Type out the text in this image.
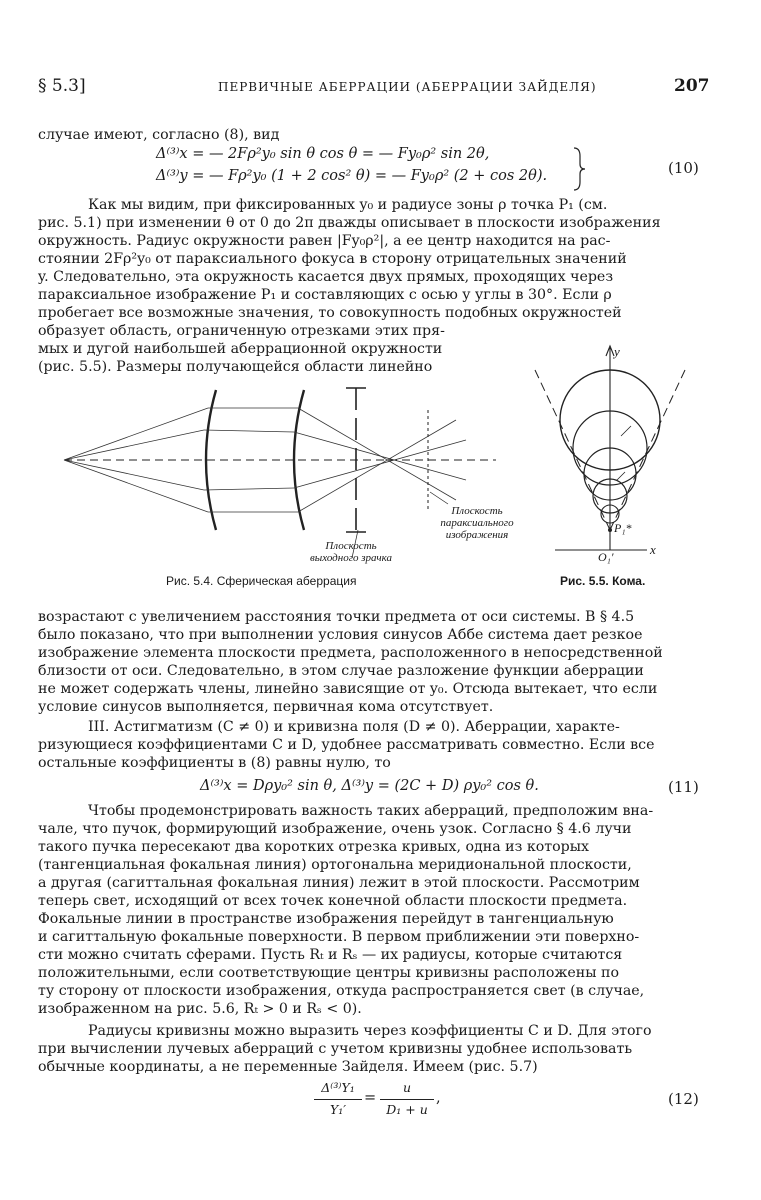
§ 5.3]	ПЕРВИЧНЫЕ АБЕРРАЦИИ (АБЕРРАЦИИ ЗАЙДЕЛЯ)	207
случае имеют, согласно (8), вид
Δ⁽³⁾x = — 2Fρ²y₀ sin θ cos θ = — Fy₀ρ² sin 2θ,
Δ⁽³⁾y = — Fρ²y₀ (1 + 2 cos² θ) = — Fy₀ρ² (2 + cos 2θ).	(10)
Как мы видим, при фиксированных y₀ и радиусе зоны ρ точка P₁ (см.
рис. 5.1) при изменении θ от 0 до 2π дважды описывает в плоскости изображения
окружность. Радиус окружности равен |Fy₀ρ²|, а ее центр находится на рас-
стоянии 2Fρ²y₀ от параксиального фокуса в сторону отрицательных значений
y. Следовательно, эта окружность касается двух прямых, проходящих через
параксиальное изображение P₁ и составляющих с осью y углы в 30°. Если ρ
пробегает все возможные значения, то совокупность подобных окружностей
образует область, ограниченную отрезками этих пря-
мых и дугой наибольшей аберрационной окружности
(рис. 5.5). Размеры получающейся области линейно
Плоскость
параксиального
изображения
Плоскость
выходного зрачка
Рис. 5.4. Сферическая аберрация
y
x
P₁*
O₁′
Рис. 5.5. Кома.
возрастают с увеличением расстояния точки предмета от оси системы. В § 4.5
было показано, что при выполнении условия синусов Аббе система дает резкое
изображение элемента плоскости предмета, расположенного в непосредственной
близости от оси. Следовательно, в этом случае разложение функции аберрации
не может содержать члены, линейно зависящие от y₀. Отсюда вытекает, что если
условие синусов выполняется, первичная кома отсутствует.
III. Астигматизм (C ≠ 0) и кривизна поля (D ≠ 0). Аберрации, характе-
ризующиеся коэффициентами C и D, удобнее рассматривать совместно. Если все
остальные коэффициенты в (8) равны нулю, то
Δ⁽³⁾x = Dρy₀² sin θ, Δ⁽³⁾y = (2C + D) ρy₀² cos θ.	(11)
Чтобы продемонстрировать важность таких аберраций, предположим вна-
чале, что пучок, формирующий изображение, очень узок. Согласно § 4.6 лучи
такого пучка пересекают два коротких отрезка кривых, одна из которых
(тангенциальная фокальная линия) ортогональна меридиональной плоскости,
а другая (сагиттальная фокальная линия) лежит в этой плоскости. Рассмотрим
теперь свет, исходящий от всех точек конечной области плоскости предмета.
Фокальные линии в пространстве изображения перейдут в тангенциальную
и сагиттальную фокальные поверхности. В первом приближении эти поверхно-
сти можно считать сферами. Пусть Rₜ и Rₛ — их радиусы, которые считаются
положительными, если соответствующие центры кривизны расположены по
ту сторону от плоскости изображения, откуда распространяется свет (в случае,
изображенном на рис. 5.6, Rₜ > 0 и Rₛ < 0).
Радиусы кривизны можно выразить через коэффициенты C и D. Для этого
при вычислении лучевых аберраций с учетом кривизны удобнее использовать
обычные координаты, а не переменные Зайделя. Имеем (рис. 5.7)
Δ⁽³⁾Y₁
Y₁′
=
u
D₁ + u
,	(12)
